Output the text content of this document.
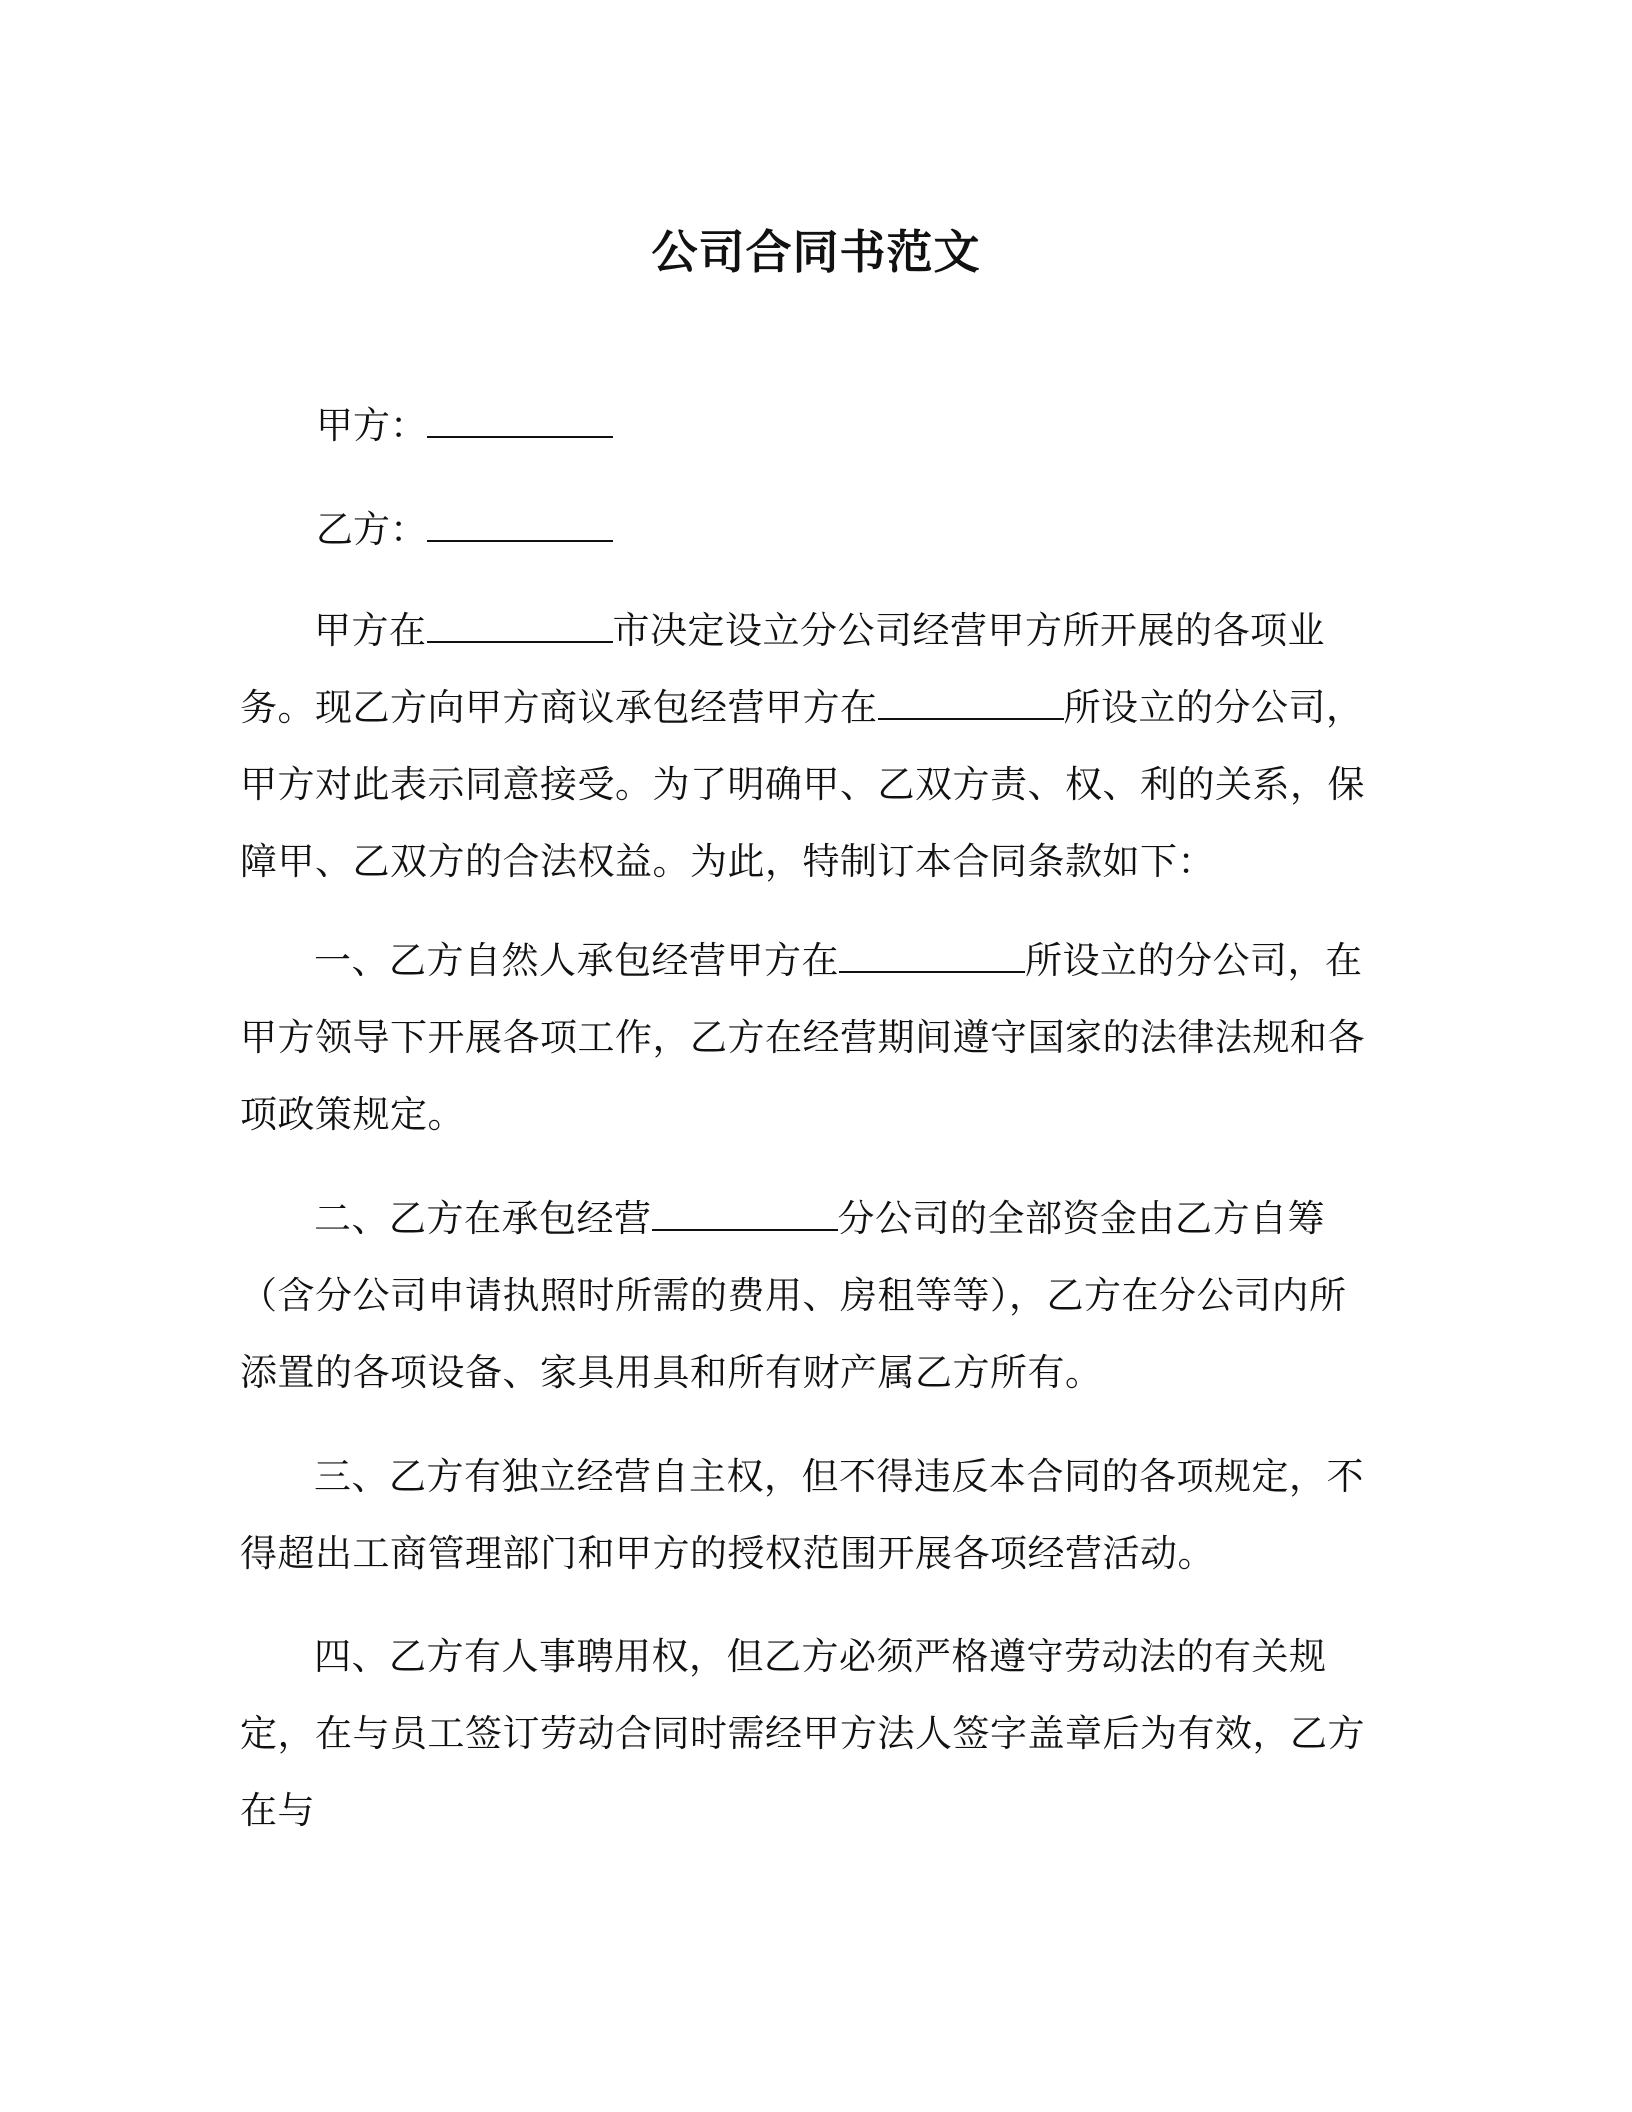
公司合同书范文
甲方：
乙方：

甲方在	市决定设立分公司经营甲方所开展的各项业务。现乙方向甲方商议承包经营甲方在	所设立的分公司，甲方对此表示同意接受。为了明确甲、乙双方责、权、利的关系，保障甲、乙双方的合法权益。为此，特制订本合同条款如下：

一、乙方自然人承包经营甲方在	所设立的分公司，在甲方领导下开展各项工作，乙方在经营期间遵守国家的法律法规和各项政策规定。

二、乙方在承包经营	分公司的全部资金由乙方自筹（含分公司申请执照时所需的费用、房租等等），乙方在分公司内所添置的各项设备、家具用具和所有财产属乙方所有。

三、乙方有独立经营自主权，但不得违反本合同的各项规定，不得超出工商管理部门和甲方的授权范围开展各项经营活动。

四、乙方有人事聘用权，但乙方必须严格遵守劳动法的有关规定，在与员工签订劳动合同时需经甲方法人签字盖章后为有效，乙方在与
